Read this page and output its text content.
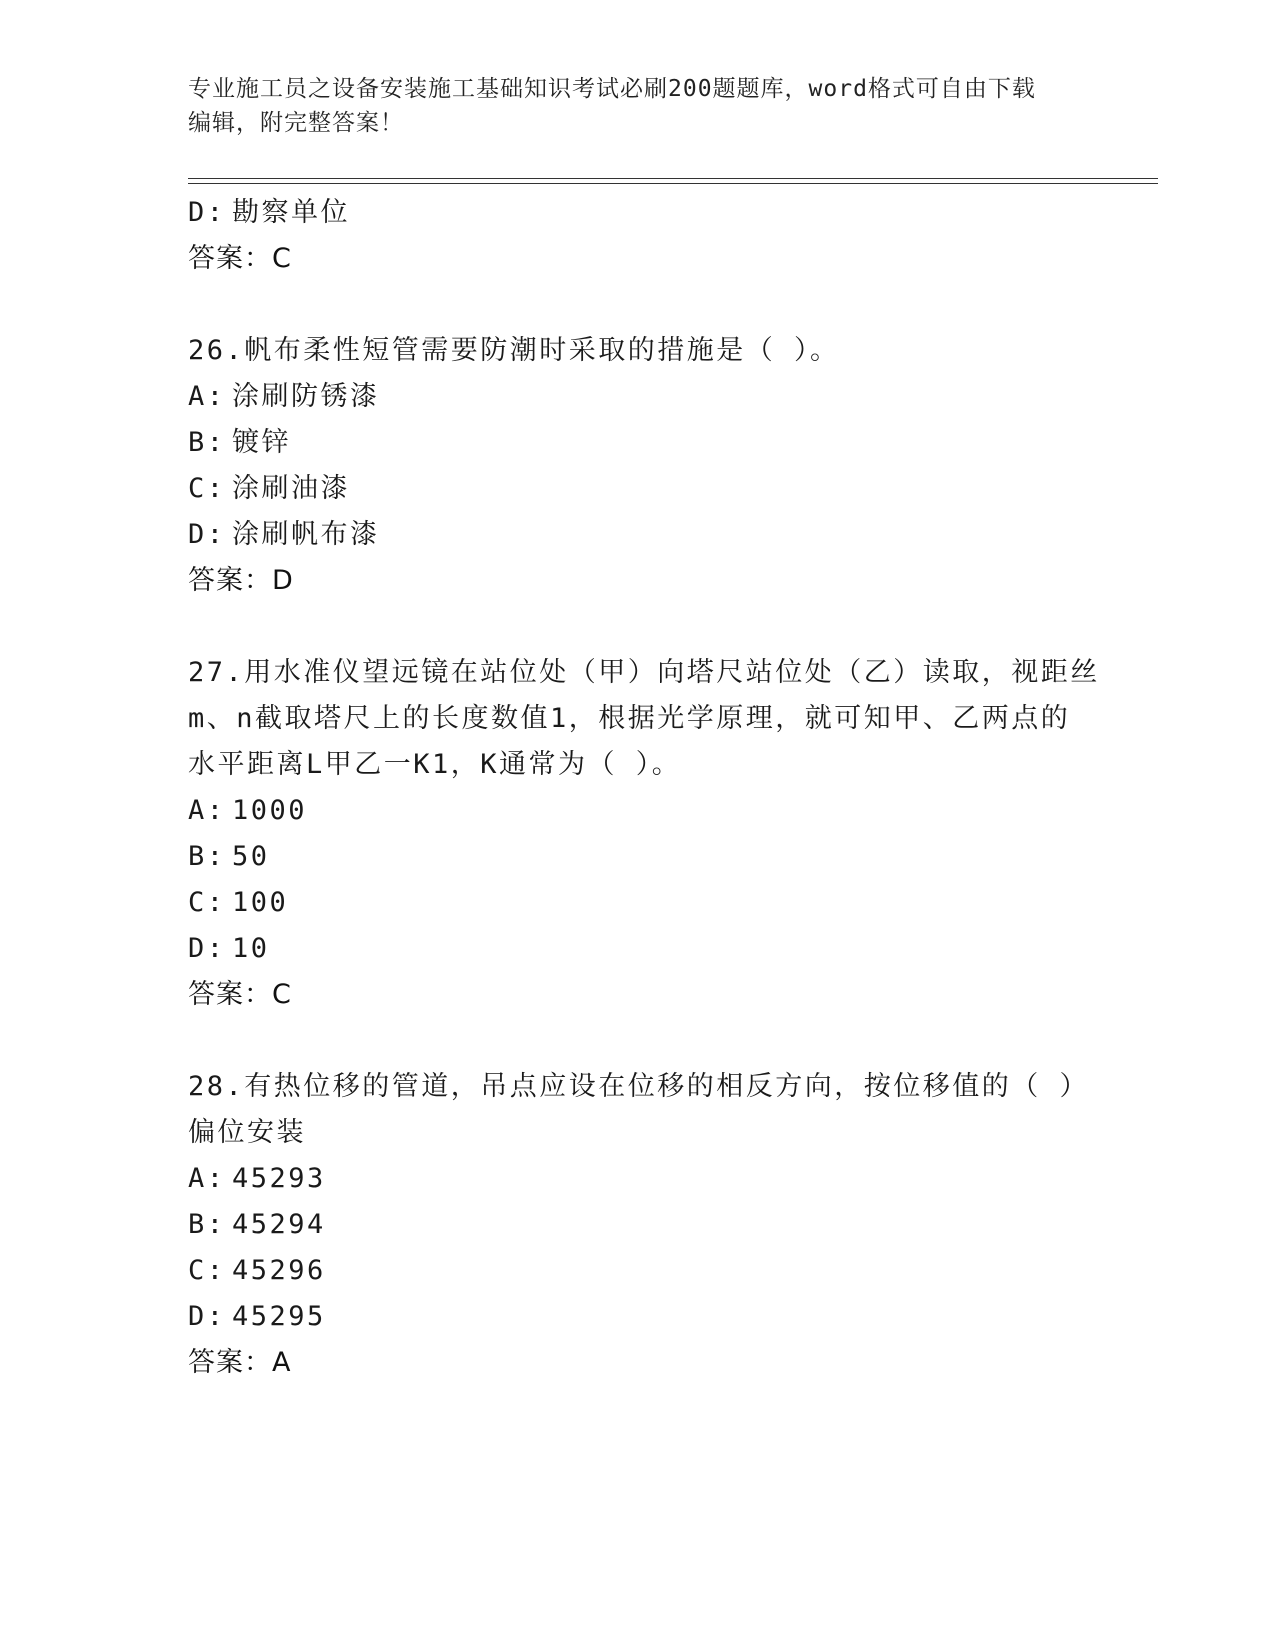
专业施工员之设备安装施工基础知识考试必刷200题题库，word格式可自由下载
编辑，附完整答案！
D: 勘察单位
答案：C
26.帆布柔性短管需要防潮时采取的措施是（ ）。
A: 涂刷防锈漆
B: 镀锌
C: 涂刷油漆
D: 涂刷帆布漆
答案：D
27.用水准仪望远镜在站位处（甲）向塔尺站位处（乙）读取，视距丝
m、n截取塔尺上的长度数值1，根据光学原理，就可知甲、乙两点的
水平距离L甲乙一K1，K通常为（ ）。
A: 1000
B: 50
C: 100
D: 10
答案：C
28.有热位移的管道，吊点应设在位移的相反方向，按位移值的（ ）
偏位安装
A: 45293
B: 45294
C: 45296
D: 45295
答案：A
